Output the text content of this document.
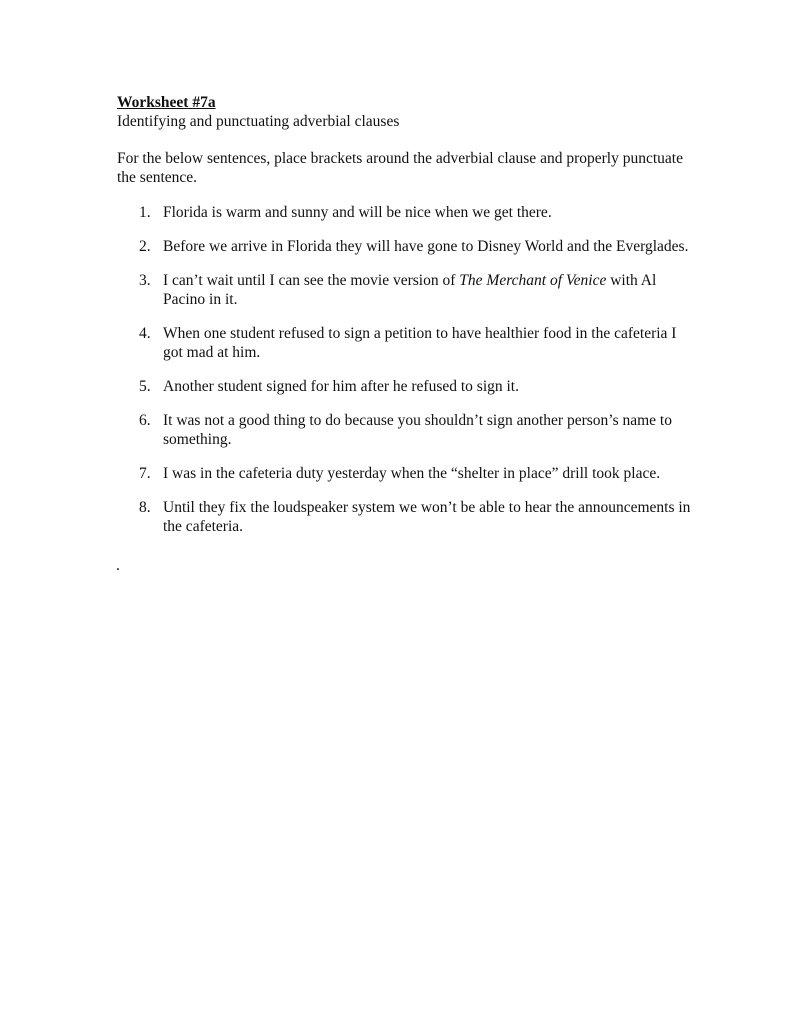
Worksheet #7a

Identifying and punctuating adverbial clauses

For the below sentences, place brackets around the adverbial clause and properly punctuate the sentence.

1. Florida is warm and sunny and will be nice when we get there.
2. Before we arrive in Florida they will have gone to Disney World and the Everglades.
3. I can’t wait until I can see the movie version of The Merchant of Venice with Al Pacino in it.
4. When one student refused to sign a petition to have healthier food in the cafeteria I got mad at him.
5. Another student signed for him after he refused to sign it.
6. It was not a good thing to do because you shouldn’t sign another person’s name to something.
7. I was in the cafeteria duty yesterday when the “shelter in place” drill took place.
8. Until they fix the loudspeaker system we won’t be able to hear the announcements in the cafeteria.
.
